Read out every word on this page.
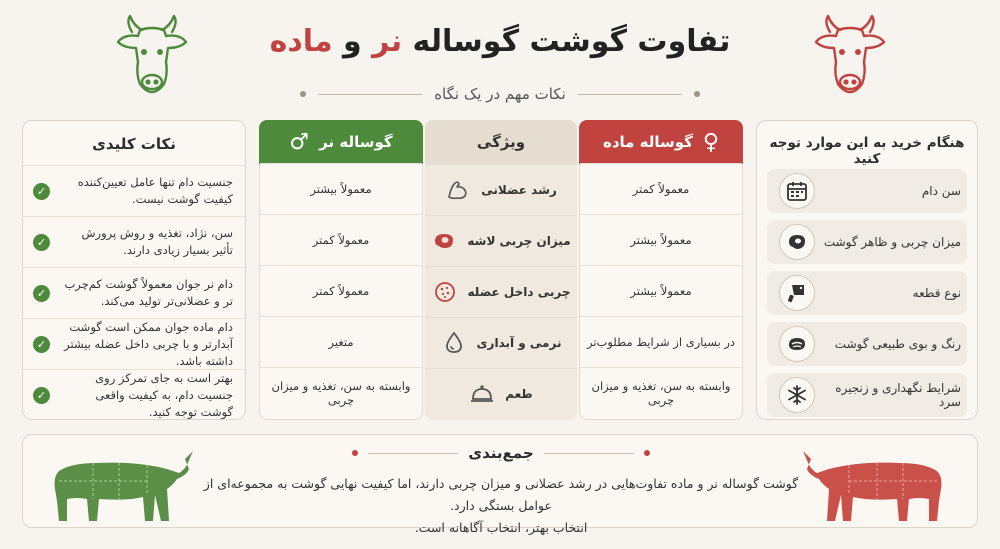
تفاوت گوشت گوساله نر و ماده
نکات مهم در یک نگاه
هنگام خرید به این موارد توجه کنید
سن دام
میزان چربی و ظاهر گوشت
نوع قطعه
رنگ و بوی طبیعی گوشت
شرایط نگهداری و زنجیره سرد
♀
گوساله ماده
معمولاً کمتر
معمولاً بیشتر
معمولاً بیشتر
در بسیاری از شرایط مطلوب‌تر
وابسته به سن، تغذیه و میزان چربی
ویژگی
رشد عضلانی
میزان چربی لاشه
چربی داخل عضله
نرمی و آبداری
طعم
گوساله نر
♂
معمولاً بیشتر
معمولاً کمتر
معمولاً کمتر
متغیر
وابسته به سن، تغذیه و میزان چربی
نکات کلیدی
جنسیت دام تنها عامل تعیین‌کننده کیفیت گوشت نیست.
✓
سن، نژاد، تغذیه و روش پرورش تأثیر بسیار زیادی دارند.
✓
دام نر جوان معمولاً گوشت کم‌چرب تر و عضلانی‌تر تولید می‌کند.
✓
دام ماده جوان ممکن است گوشت آبدارتر و با چربی داخل عضله بیشتر داشته باشد.
✓
بهتر است به جای تمرکز روی جنسیت دام، به کیفیت واقعی گوشت توجه کنید.
✓
جمع‌بندی
گوشت گوساله نر و ماده تفاوت‌هایی در رشد عضلانی و میزان چربی دارند، اما کیفیت نهایی گوشت به مجموعه‌ای از عوامل بستگی دارد.
انتخاب بهتر، انتخاب آگاهانه است.
